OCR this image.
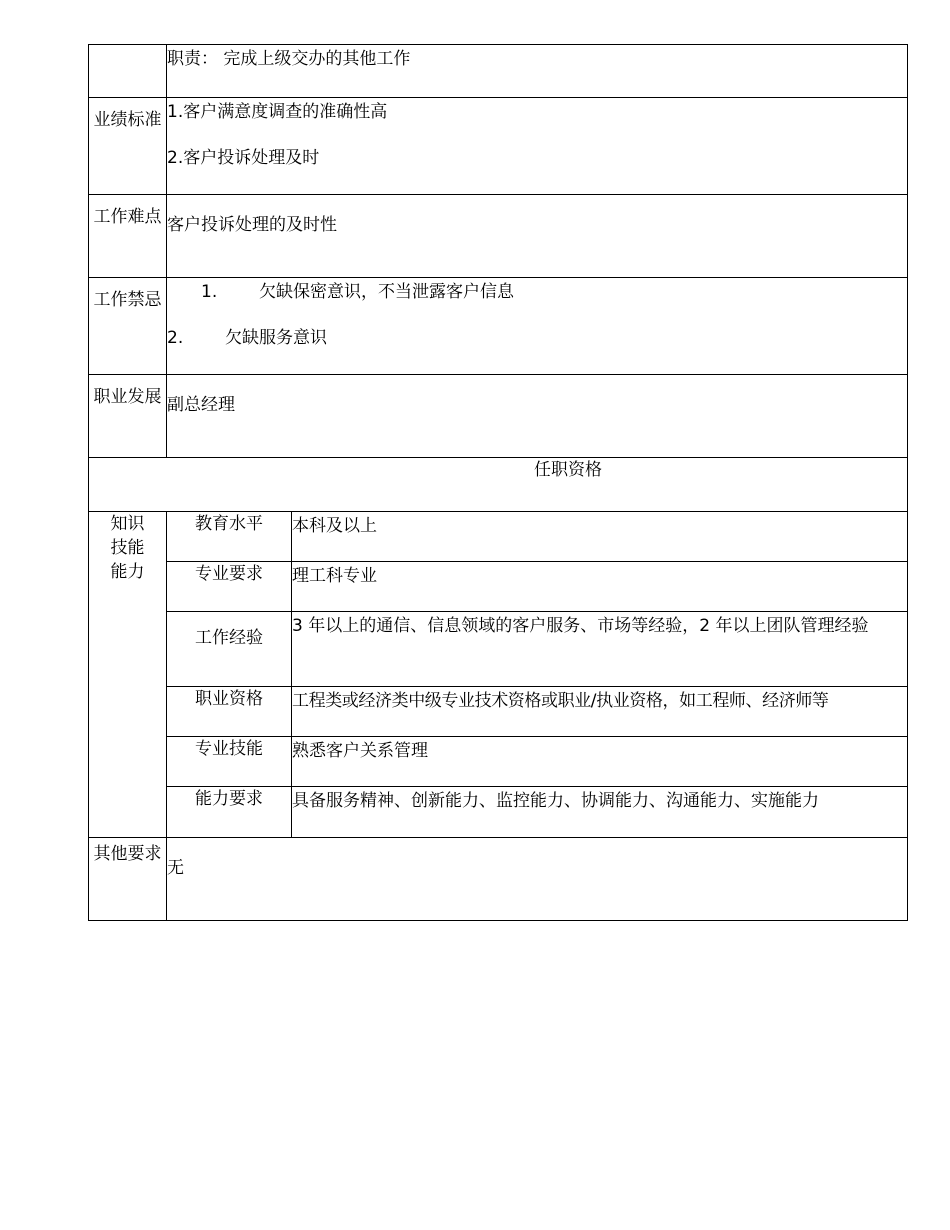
	职责： 完成上级交办的其他工作	

业绩标准	1.客户满意度调查的准确性高
2.客户投诉处理及时	

工作难点	客户投诉处理的及时性	

工作禁忌	1. 欠缺保密意识，不当泄露客户信息
2. 欠缺服务意识	

职业发展	副总经理	

任职资格		
知识技能能力	教育水平	本科及以上

	专业要求	理工科专业

	工作经验	3 年以上的通信、信息领域的客户服务、市场等经验，2 年以上团队管理经验

	职业资格	工程类或经济类中级专业技术资格或职业/执业资格，如工程师、经济师等

	专业技能	熟悉客户关系管理

	能力要求	具备服务精神、创新能力、监控能力、协调能力、沟通能力、实施能力

其他要求	无	
